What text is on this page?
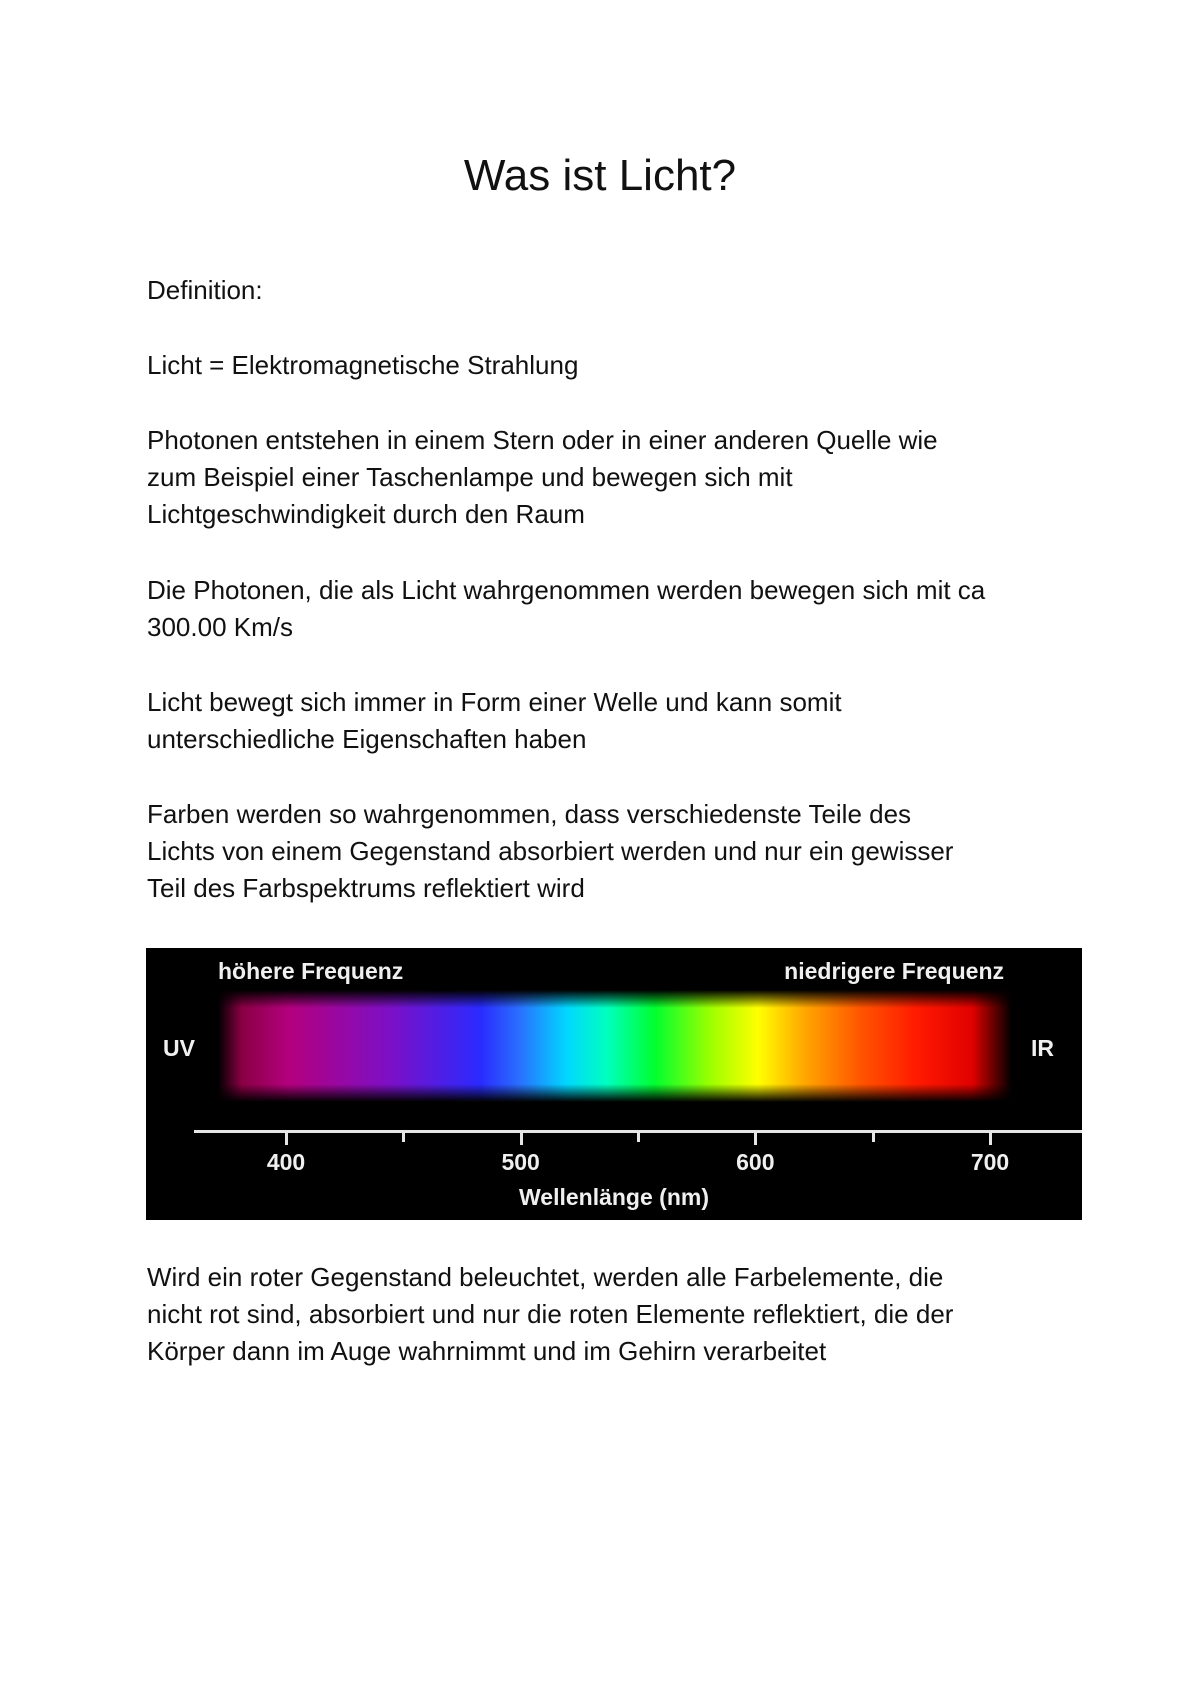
Was ist Licht?

Definition:

Licht = Elektromagnetische Strahlung

Photonen entstehen in einem Stern oder in einer anderen Quelle wie
zum Beispiel einer Taschenlampe und bewegen sich mit
Lichtgeschwindigkeit durch den Raum

Die Photonen, die als Licht wahrgenommen werden bewegen sich mit ca
300.00 Km/s

Licht bewegt sich immer in Form einer Welle und kann somit
unterschiedliche Eigenschaften haben

Farben werden so wahrgenommen, dass verschiedenste Teile des
Lichts von einem Gegenstand absorbiert werden und nur ein gewisser
Teil des Farbspektrums reflektiert wird

höhere Frequenz	niedrigere Frequenz
UV	IR
400	500	600	700
Wellenlänge (nm)

Wird ein roter Gegenstand beleuchtet, werden alle Farbelemente, die
nicht rot sind, absorbiert und nur die roten Elemente reflektiert, die der
Körper dann im Auge wahrnimmt und im Gehirn verarbeitet
